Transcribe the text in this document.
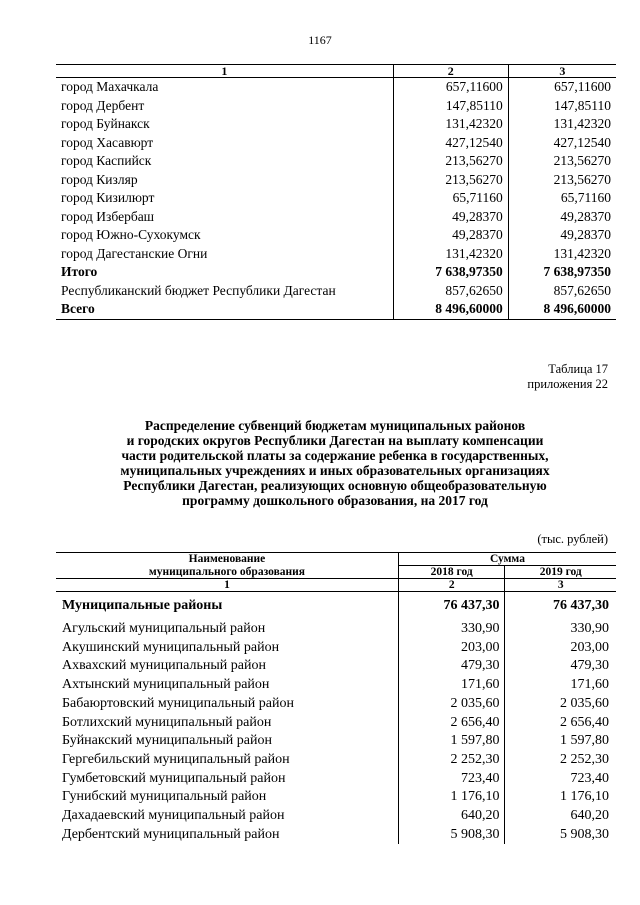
1167
1	2	3
город Махачкала	657,11600	657,11600
город Дербент	147,85110	147,85110
город Буйнакск	131,42320	131,42320
город Хасавюрт	427,12540	427,12540
город Каспийск	213,56270	213,56270
город Кизляр	213,56270	213,56270
город Кизилюрт	65,71160	65,71160
город Избербаш	49,28370	49,28370
город Южно-Сухокумск	49,28370	49,28370
город Дагестанские Огни	131,42320	131,42320
Итого	7 638,97350	7 638,97350
Республиканский бюджет Республики Дагестан	857,62650	857,62650
Всего	8 496,60000	8 496,60000
Таблица 17
приложения 22
Распределение субвенций бюджетам муниципальных районов
и городских округов Республики Дагестан на выплату компенсации
части родительской платы за содержание ребенка в государственных,
муниципальных учреждениях и иных образовательных организациях
Республики Дагестан, реализующих основную общеобразовательную
программу дошкольного образования, на 2017 год
(тыс. рублей)
Наименование	Сумма	
муниципального образования	2018 год	2019 год
1	2	3
Муниципальные районы	76 437,30	76 437,30
Агульский муниципальный район	330,90	330,90
Акушинский муниципальный район	203,00	203,00
Ахвахский муниципальный район	479,30	479,30
Ахтынский муниципальный район	171,60	171,60
Бабаюртовский муниципальный район	2 035,60	2 035,60
Ботлихский муниципальный район	2 656,40	2 656,40
Буйнакский муниципальный район	1 597,80	1 597,80
Гергебильский муниципальный район	2 252,30	2 252,30
Гумбетовский муниципальный район	723,40	723,40
Гунибский муниципальный район	1 176,10	1 176,10
Дахадаевский муниципальный район	640,20	640,20
Дербентский муниципальный район	5 908,30	5 908,30
